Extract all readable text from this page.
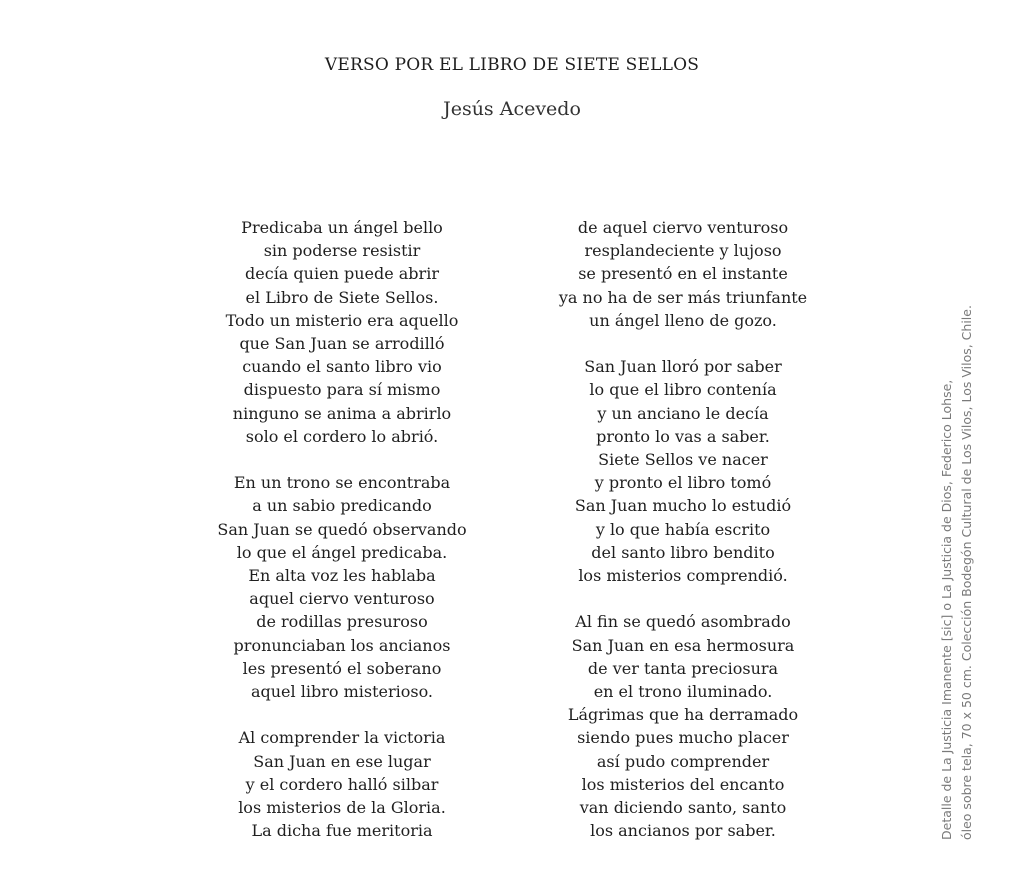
VERSO POR EL LIBRO DE SIETE SELLOS
Jesús Acevedo
Predicaba un ángel bello
sin poderse resistir
decía quien puede abrir
el Libro de Siete Sellos.
Todo un misterio era aquello
que San Juan se arrodilló
cuando el santo libro vio
dispuesto para sí mismo
ninguno se anima a abrirlo
solo el cordero lo abrió.
En un trono se encontraba
a un sabio predicando
San Juan se quedó observando
lo que el ángel predicaba.
En alta voz les hablaba
aquel ciervo venturoso
de rodillas presuroso
pronunciaban los ancianos
les presentó el soberano
aquel libro misterioso.
Al comprender la victoria
San Juan en ese lugar
y el cordero halló silbar
los misterios de la Gloria.
La dicha fue meritoria
de aquel ciervo venturoso
resplandeciente y lujoso
se presentó en el instante
ya no ha de ser más triunfante
un ángel lleno de gozo.
San Juan lloró por saber
lo que el libro contenía
y un anciano le decía
pronto lo vas a saber.
Siete Sellos ve nacer
y pronto el libro tomó
San Juan mucho lo estudió
y lo que había escrito
del santo libro bendito
los misterios comprendió.
Al fin se quedó asombrado
San Juan en esa hermosura
de ver tanta preciosura
en el trono iluminado.
Lágrimas que ha derramado
siendo pues mucho placer
así pudo comprender
los misterios del encanto
van diciendo santo, santo
los ancianos por saber.	Detalle de La Justicia Imanente [sic] o La Justicia de Dios, Federico Lohse, óleo sobre tela, 70 x 50 cm. Colección Bodegón Cultural de Los Vilos, Los Vilos, Chile.
